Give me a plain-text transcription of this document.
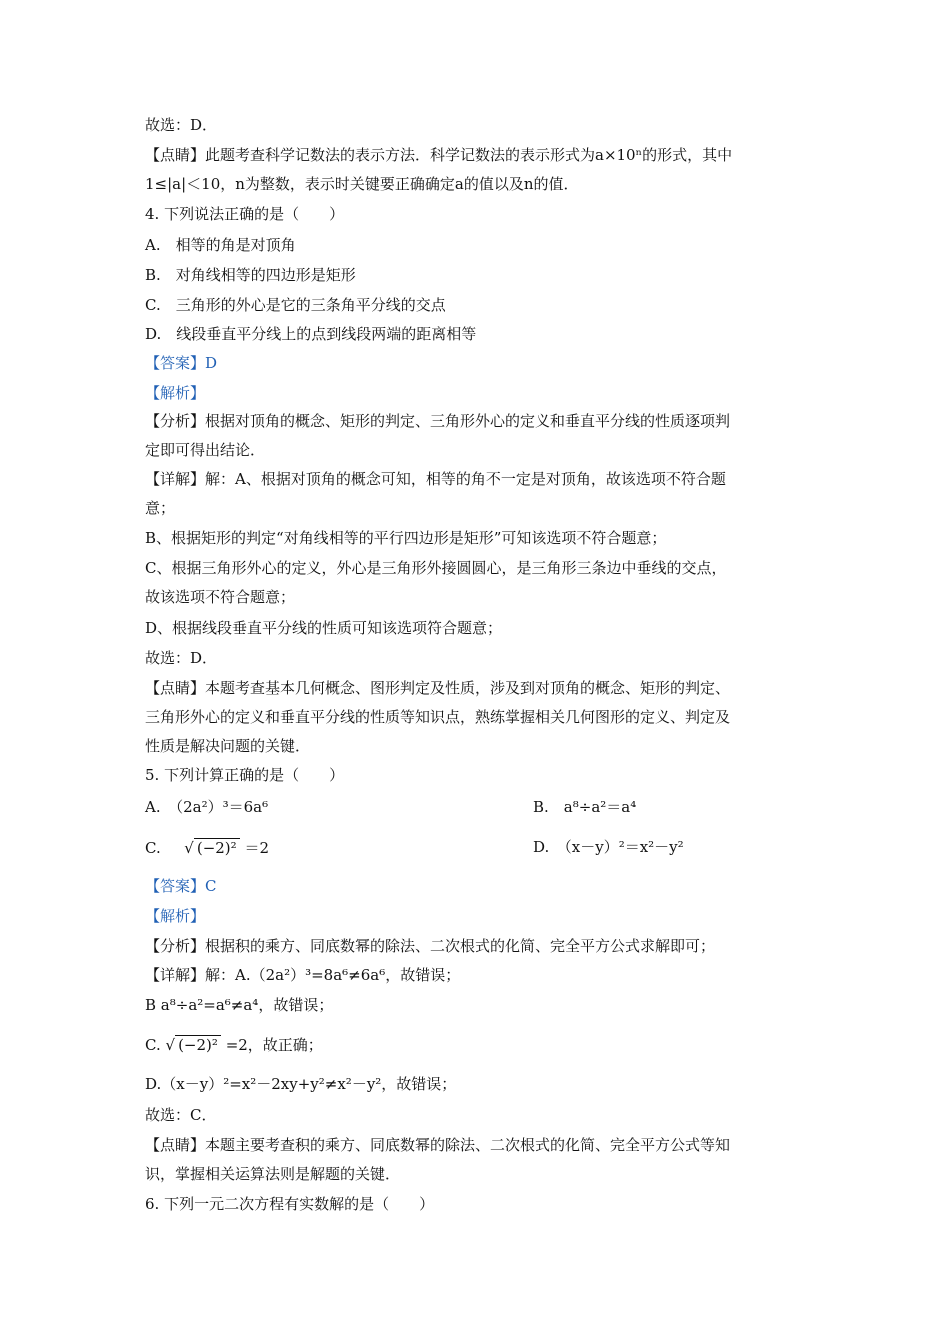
故选：D．
【点睛】此题考查科学记数法的表示方法．科学记数法的表示形式为a×10ⁿ的形式，其中
1≤|a|＜10，n为整数，表示时关键要正确确定a的值以及n的值．
4. 下列说法正确的是（　　）
A.　相等的角是对顶角
B.　对角线相等的四边形是矩形
C.　三角形的外心是它的三条角平分线的交点
D.　线段垂直平分线上的点到线段两端的距离相等
【答案】D
【解析】
【分析】根据对顶角的概念、矩形的判定、三角形外心的定义和垂直平分线的性质逐项判
定即可得出结论．
【详解】解：A、根据对顶角的概念可知，相等的角不一定是对顶角，故该选项不符合题
意；
B、根据矩形的判定“对角线相等的平行四边形是矩形”可知该选项不符合题意；
C、根据三角形外心的定义，外心是三角形外接圆圆心，是三角形三条边中垂线的交点，
故该选项不符合题意；
D、根据线段垂直平分线的性质可知该选项符合题意；
故选：D．
【点睛】本题考查基本几何概念、图形判定及性质，涉及到对顶角的概念、矩形的判定、
三角形外心的定义和垂直平分线的性质等知识点，熟练掌握相关几何图形的定义、判定及
性质是解决问题的关键．
5. 下列计算正确的是（　　）
A.　（2a²）³＝6a⁶	B.　a⁸÷a²＝a⁴
C. √ (−2)² ＝2	D.　（x－y）²＝x²－y²
【答案】C
【解析】
【分析】根据积的乘方、同底数幂的除法、二次根式的化简、完全平方公式求解即可；
【详解】解：A.（2a²）³=8a⁶≠6a⁶，故错误；
B a⁸÷a²=a⁶≠a⁴，故错误；
C. √ (−2)² =2，故正确；
D.（x－y）²=x²－2xy+y²≠x²－y²，故错误；
故选：C．
【点睛】本题主要考查积的乘方、同底数幂的除法、二次根式的化简、完全平方公式等知
识，掌握相关运算法则是解题的关键．
6. 下列一元二次方程有实数解的是（　　）
